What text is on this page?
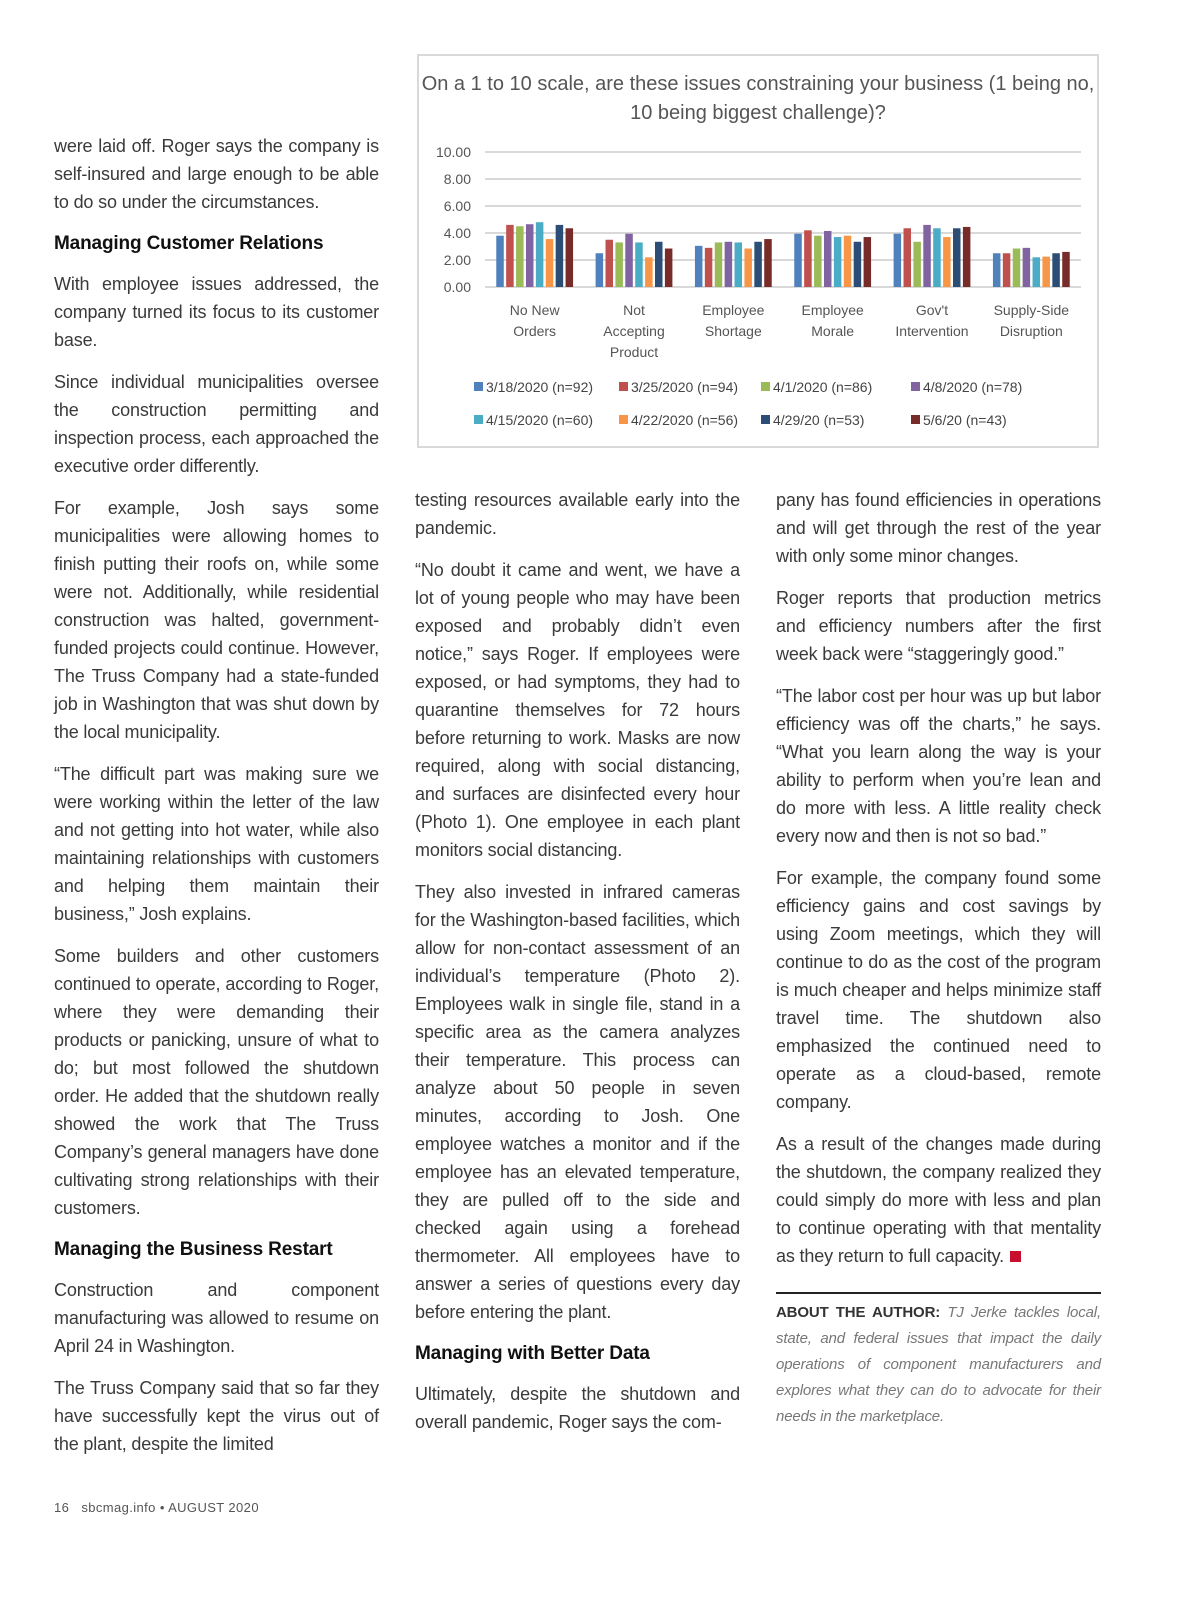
were laid off. Roger says the company is self-insured and large enough to be able to do so under the circumstances.

Managing Customer Relations

With employee issues addressed, the company turned its focus to its customer base.

Since individual municipalities oversee the construction permitting and inspection process, each approached the executive order differently.

For example, Josh says some municipalities were allowing homes to finish putting their roofs on, while some were not. Additionally, while residential construction was halted, government-funded projects could continue. However, The Truss Company had a state-funded job in Washington that was shut down by the local municipality.

“The difficult part was making sure we were working within the letter of the law and not getting into hot water, while also maintaining relationships with customers and helping them maintain their business,” Josh explains.

Some builders and other customers continued to operate, according to Roger, where they were demanding their products or panicking, unsure of what to do; but most followed the shutdown order. He added that the shutdown really showed the work that The Truss Company’s general managers have done cultivating strong relationships with their customers.

Managing the Business Restart

Construction and component manufacturing was allowed to resume on April 24 in Washington.

The Truss Company said that so far they have successfully kept the virus out of the plant, despite the limited

0.00
2.00
4.00
6.00
8.00
10.00
No New
Orders
Not
Accepting
Product
Employee
Shortage
Employee
Morale
Gov't
Intervention
Supply-Side
Disruption
3/18/2020 (n=92)	3/25/2020 (n=94) 4/1/2020 (n=86)	4/8/2020 (n=78)
4/15/2020 (n=60)	4/22/2020 (n=56) 4/29/20 (n=53)	5/6/20 (n=43)
On a 1 to 10 scale, are these issues constraining your business (1 being no, 10 being biggest challenge)?

testing resources available early into the pandemic.

“No doubt it came and went, we have a lot of young people who may have been exposed and probably didn’t even notice,” says Roger. If employees were exposed, or had symptoms, they had to quarantine themselves for 72 hours before returning to work. Masks are now required, along with social distancing, and surfaces are disinfected every hour (Photo 1). One employee in each plant monitors social distancing.

They also invested in infrared cameras for the Washington-based facilities, which allow for non-contact assessment of an individual’s temperature (Photo 2). Employees walk in single file, stand in a specific area as the camera analyzes their temperature. This process can analyze about 50 people in seven minutes, according to Josh. One employee watches a monitor and if the employee has an elevated temperature, they are pulled off to the side and checked again using a forehead thermometer. All employees have to answer a series of questions every day before entering the plant.

Managing with Better Data

Ultimately, despite the shutdown and overall pandemic, Roger says the com-

pany has found efficiencies in operations and will get through the rest of the year with only some minor changes.

Roger reports that production metrics and efficiency numbers after the first week back were “staggeringly good.”

“The labor cost per hour was up but labor efficiency was off the charts,” he says. “What you learn along the way is your ability to perform when you’re lean and do more with less. A little reality check every now and then is not so bad.”

For example, the company found some efficiency gains and cost savings by using Zoom meetings, which they will continue to do as the cost of the program is much cheaper and helps minimize staff travel time. The shutdown also emphasized the continued need to operate as a cloud-based, remote company.

As a result of the changes made during the shutdown, the company realized they could simply do more with less and plan to continue operating with that mentality as they return to full capacity.

ABOUT THE AUTHOR: TJ Jerke tackles local, state, and federal issues that impact the daily operations of component manufacturers and explores what they can do to advocate for their needs in the marketplace.
16 sbcmag.info • AUGUST 2020
